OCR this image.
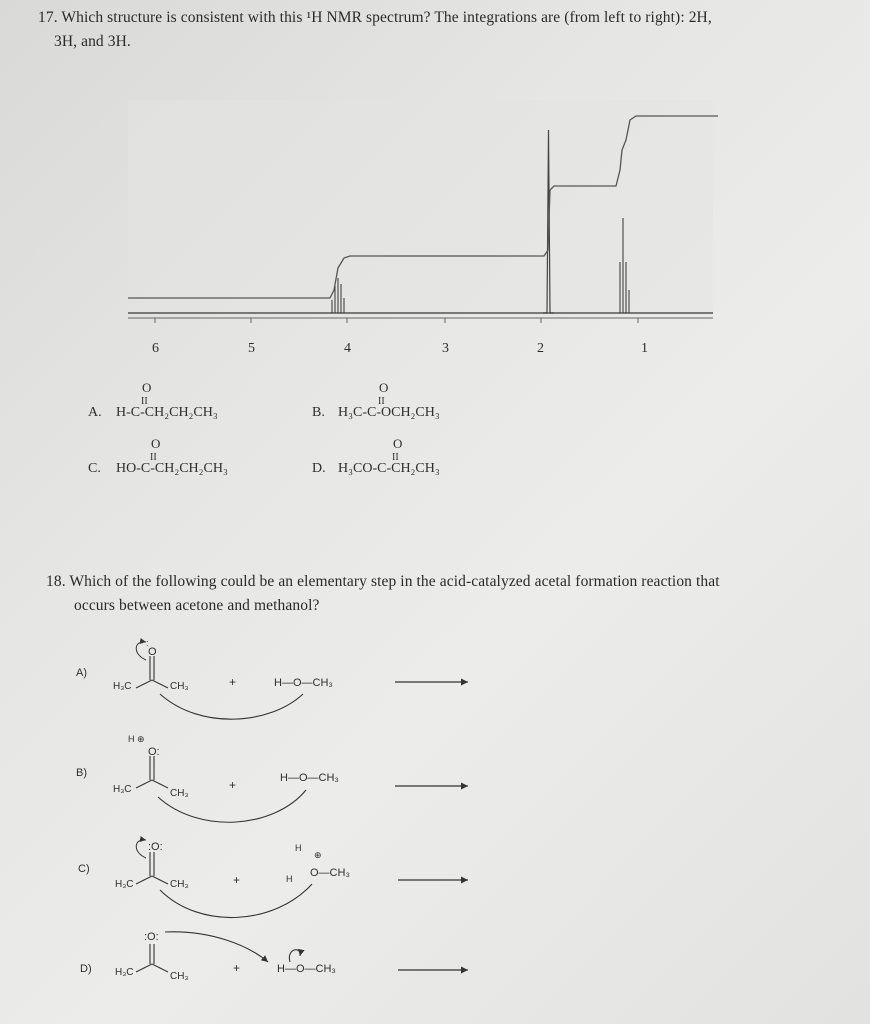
17. Which structure is consistent with this ¹H NMR spectrum? The integrations are (from left to right): 2H,
3H, and 3H.
6	5	4	3	2	1
A.
O
II
H-C-CH₂CH₂CH₃	B.
O
II
H₃C-C-OCH₂CH₃
C.
O
II
HO-C-CH₂CH₂CH₃	D.
O
II
H₃CO-C-CH₂CH₃
18. Which of the following could be an elementary step in the acid-catalyzed acetal formation reaction that
occurs between acetone and methanol?
A)
O
:
H₃C	CH₃	+	H—O—CH₃
B)
H ⊕
O:
H₃C	CH₃
+	H—O—CH₃
C)
:O:
H₃C	CH₃	+
H
H
⊕
O—CH₃
D)
:O:
H₃C	CH₃
+	H—O—CH₃
